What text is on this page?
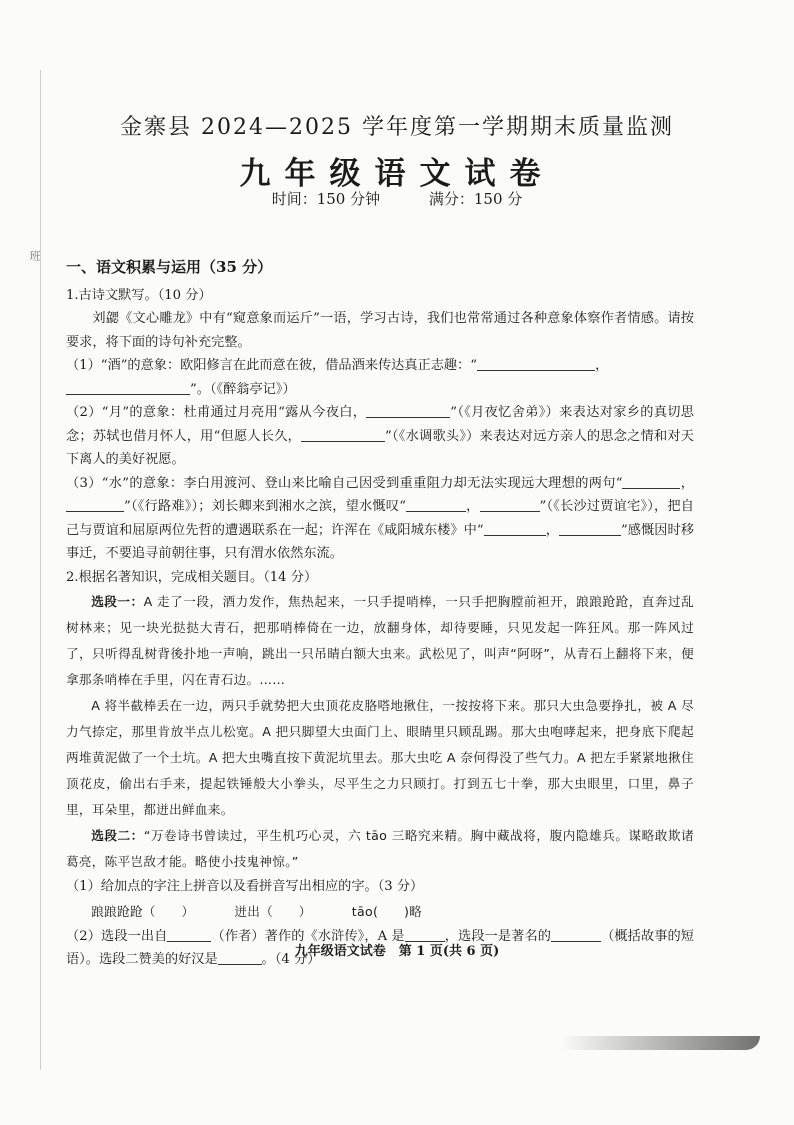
班
金寨县 2024—2025 学年度第一学期期末质量监测
九年级语文试卷
时间：150 分钟	满分：150 分
一、语文积累与运用（35 分）

1.古诗文默写。（10 分）

刘勰《文心雕龙》中有“窥意象而运斤”一语，学习古诗，我们也常常通过各种意象体察作者情感。请按要求，将下面的诗句补充完整。

（1）“酒”的意象：欧阳修言在此而意在彼，借品酒来传达真正志趣：“	，
”。（《醉翁亭记》）

（2）“月”的意象：杜甫通过月亮用“露从今夜白，	”（《月夜忆舍弟》）来表达对家乡的真切思念；苏轼也借月怀人，用“但愿人长久，	”（《水调歌头》）来表达对远方亲人的思念之情和对天下离人的美好祝愿。

（3）“水”的意象：李白用渡河、登山来比喻自己因受到重重阻力却无法实现远大理想的两句“	，”（《行路难》）；刘长卿来到湘水之滨，望水慨叹“	，	”（《长沙过贾谊宅》），把自己与贾谊和屈原两位先哲的遭遇联系在一起；许浑在《咸阳城东楼》中“	，	”感慨因时移事迁，不要追寻前朝往事，只有渭水依然东流。

2.根据名著知识，完成相关题目。（14 分）

选段一：A 走了一段，酒力发作，焦热起来，一只手提哨棒，一只手把胸膛前袒开，踉踉跄跄，直奔过乱树林来；见一块光挞挞大青石，把那哨棒倚在一边，放翻身体，却待要睡，只见发起一阵狂风。那一阵风过了，只听得乱树背後扑地一声响，跳出一只吊睛白额大虫来。武松见了，叫声“阿呀”，从青石上翻将下来，便拿那条哨棒在手里，闪在青石边。……

A 将半截棒丢在一边，两只手就势把大虫顶花皮胳嗒地揪住，一按按将下来。那只大虫急要挣扎，被 A 尽力气捺定，那里肯放半点儿松宽。A 把只脚望大虫面门上、眼睛里只顾乱踢。那大虫咆哮起来，把身底下爬起两堆黄泥做了一个土坑。A 把大虫嘴直按下黄泥坑里去。那大虫吃 A 奈何得没了些气力。A 把左手紧紧地揪住顶花皮，偷出右手来，提起铁锤般大小拳头，尽平生之力只顾打。打到五七十拳，那大虫眼里，口里，鼻子里，耳朵里，都迸出鲜血来。

选段二：“万卷诗书曾读过，平生机巧心灵，六 tāo 三略究来精。胸中藏战将，腹内隐雄兵。谋略敢欺诸葛亮，陈平岂敌才能。略使小技鬼神惊。”

（1）给加点的字注上拼音以及看拼音写出相应的字。（3 分）

踉踉跄跄（　　）	迸出（　　）	tāo(　　)略

（2）选段一出自	（作者）著作的《水浒传》，A 是	，选段一是著名的	（概括故事的短语）。选段二赞美的好汉是	。（4 分）

九年级语文试卷　第 1 页(共 6 页)
